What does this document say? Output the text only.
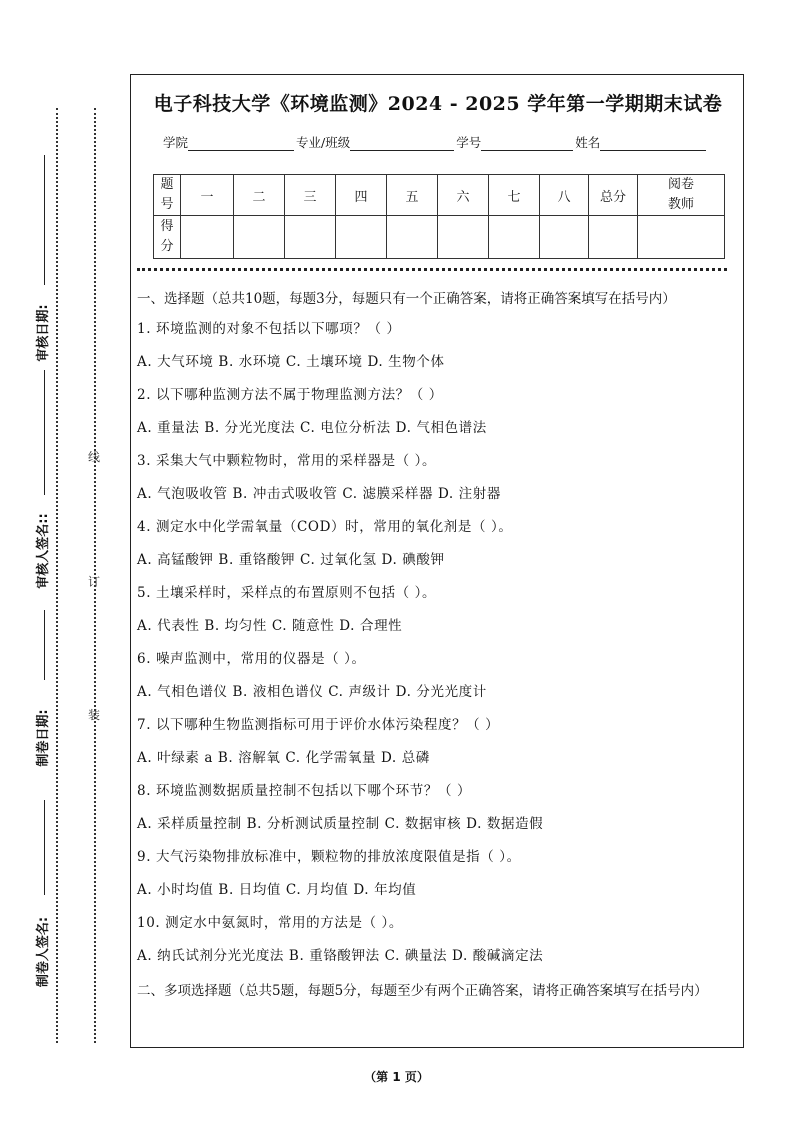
审核日期:
审核人签名::
制卷日期:
制卷人签名:
线
订
装
电子科技大学《环境监测》2024 - 2025 学年第一学期期末试卷
学院	专业/班级	学号	姓名
题号	一	二	三	四	五	六	七	八	总分	阅卷教师
得分										
一、选择题（总共10题，每题3分，每题只有一个正确答案，请将正确答案填写在括号内）
1. 环境监测的对象不包括以下哪项？（ ）
A. 大气环境 B. 水环境 C. 土壤环境 D. 生物个体
2. 以下哪种监测方法不属于物理监测方法？（ ）
A. 重量法 B. 分光光度法 C. 电位分析法 D. 气相色谱法
3. 采集大气中颗粒物时，常用的采样器是（ ）。
A. 气泡吸收管 B. 冲击式吸收管 C. 滤膜采样器 D. 注射器
4. 测定水中化学需氧量（COD）时，常用的氧化剂是（ ）。
A. 高锰酸钾 B. 重铬酸钾 C. 过氧化氢 D. 碘酸钾
5. 土壤采样时，采样点的布置原则不包括（ ）。
A. 代表性 B. 均匀性 C. 随意性 D. 合理性
6. 噪声监测中，常用的仪器是（ ）。
A. 气相色谱仪 B. 液相色谱仪 C. 声级计 D. 分光光度计
7. 以下哪种生物监测指标可用于评价水体污染程度？（ ）
A. 叶绿素 a B. 溶解氧 C. 化学需氧量 D. 总磷
8. 环境监测数据质量控制不包括以下哪个环节？（ ）
A. 采样质量控制 B. 分析测试质量控制 C. 数据审核 D. 数据造假
9. 大气污染物排放标准中，颗粒物的排放浓度限值是指（ ）。
A. 小时均值 B. 日均值 C. 月均值 D. 年均值
10. 测定水中氨氮时，常用的方法是（ ）。
A. 纳氏试剂分光光度法 B. 重铬酸钾法 C. 碘量法 D. 酸碱滴定法
二、多项选择题（总共5题，每题5分，每题至少有两个正确答案，请将正确答案填写在括号内）
（第 1 页）
